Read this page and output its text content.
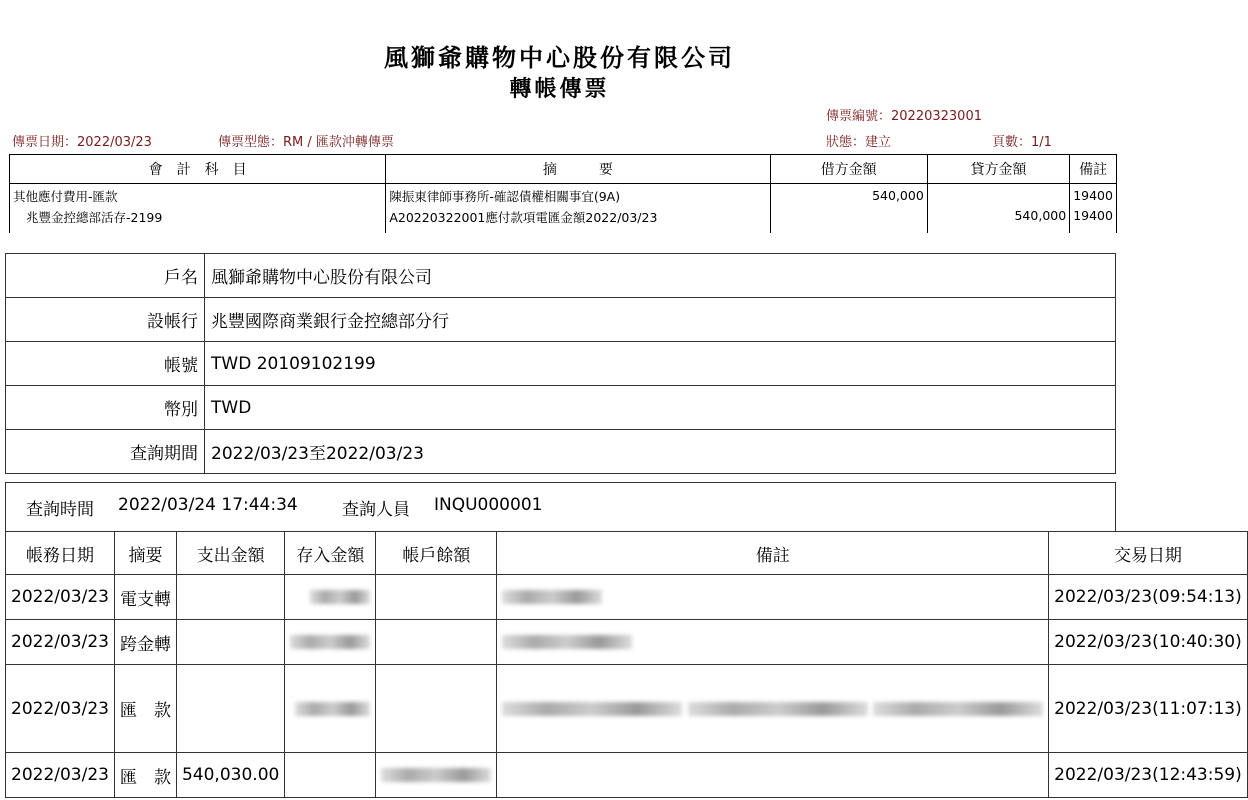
風獅爺購物中心股份有限公司
轉帳傳票
傳票編號：20220323001
傳票日期：2022/03/23	傳票型態：RM / 匯款沖轉傳票	狀態：建立	頁數：1/1
會　計　科　目	摘　　　要	借方金額	貸方金額	備註
其他應付費用-匯款	陳振東律師事務所-確認債權相關事宜(9A)	540,000		19400
兆豐金控總部活存-2199	A20220322001應付款項電匯金額2022/03/23		540,000	19400
戶名	風獅爺購物中心股份有限公司
設帳行	兆豐國際商業銀行金控總部分行
帳號	TWD 20109102199
幣別	TWD
查詢期間	2022/03/23至2022/03/23
查詢時間 2022/03/24 17:44:34	查詢人員 INQU000001
帳務日期	摘要	支出金額	存入金額	帳戶餘額	備註	交易日期
2022/03/23	電支轉					2022/03/23(09:54:13)
2022/03/23	跨金轉					2022/03/23(10:40:30)
2022/03/23	匯　款					2022/03/23(11:07:13)
2022/03/23	匯　款	540,030.00				2022/03/23(12:43:59)
